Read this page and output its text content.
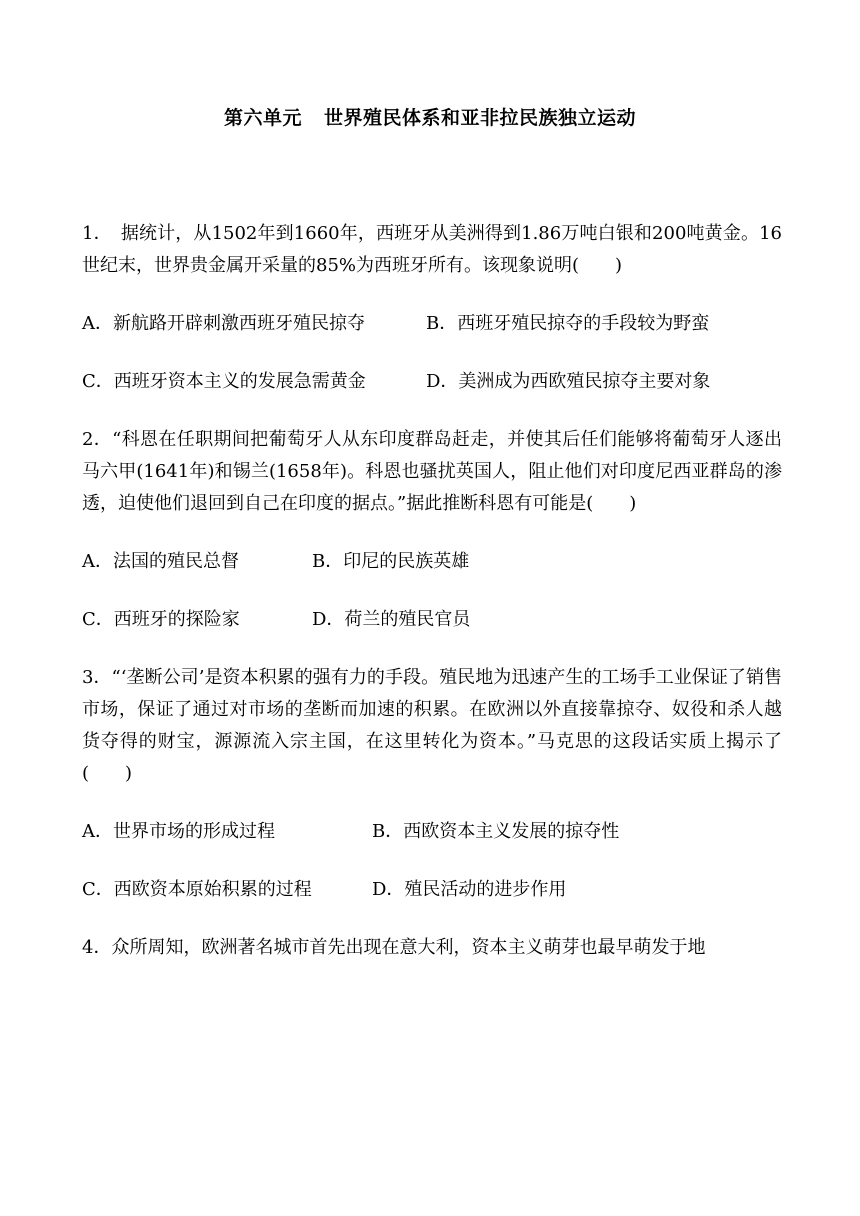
第六单元 世界殖民体系和亚非拉民族独立运动

1．　据统计，从1502年到1660年，西班牙从美洲得到1.86万吨白银和200吨黄金。16世纪末，世界贵金属开采量的85%为西班牙所有。该现象说明(　　)

A．新航路开辟刺激西班牙殖民掠夺	B．西班牙殖民掠夺的手段较为野蛮
C．西班牙资本主义的发展急需黄金	D．美洲成为西欧殖民掠夺主要对象

2．“科恩在任职期间把葡萄牙人从东印度群岛赶走，并使其后任们能够将葡萄牙人逐出马六甲(1641年)和锡兰(1658年)。科恩也骚扰英国人，阻止他们对印度尼西亚群岛的渗透，迫使他们退回到自己在印度的据点。”据此推断科恩有可能是(　　)

A．法国的殖民总督	B．印尼的民族英雄
C．西班牙的探险家	D．荷兰的殖民官员

3．“‘垄断公司’是资本积累的强有力的手段。殖民地为迅速产生的工场手工业保证了销售市场，保证了通过对市场的垄断而加速的积累。在欧洲以外直接靠掠夺、奴役和杀人越货夺得的财宝，源源流入宗主国，在这里转化为资本。”马克思的这段话实质上揭示了(　　)

A．世界市场的形成过程	B．西欧资本主义发展的掠夺性
C．西欧资本原始积累的过程	D．殖民活动的进步作用

4．众所周知，欧洲著名城市首先出现在意大利，资本主义萌芽也最早萌发于地
